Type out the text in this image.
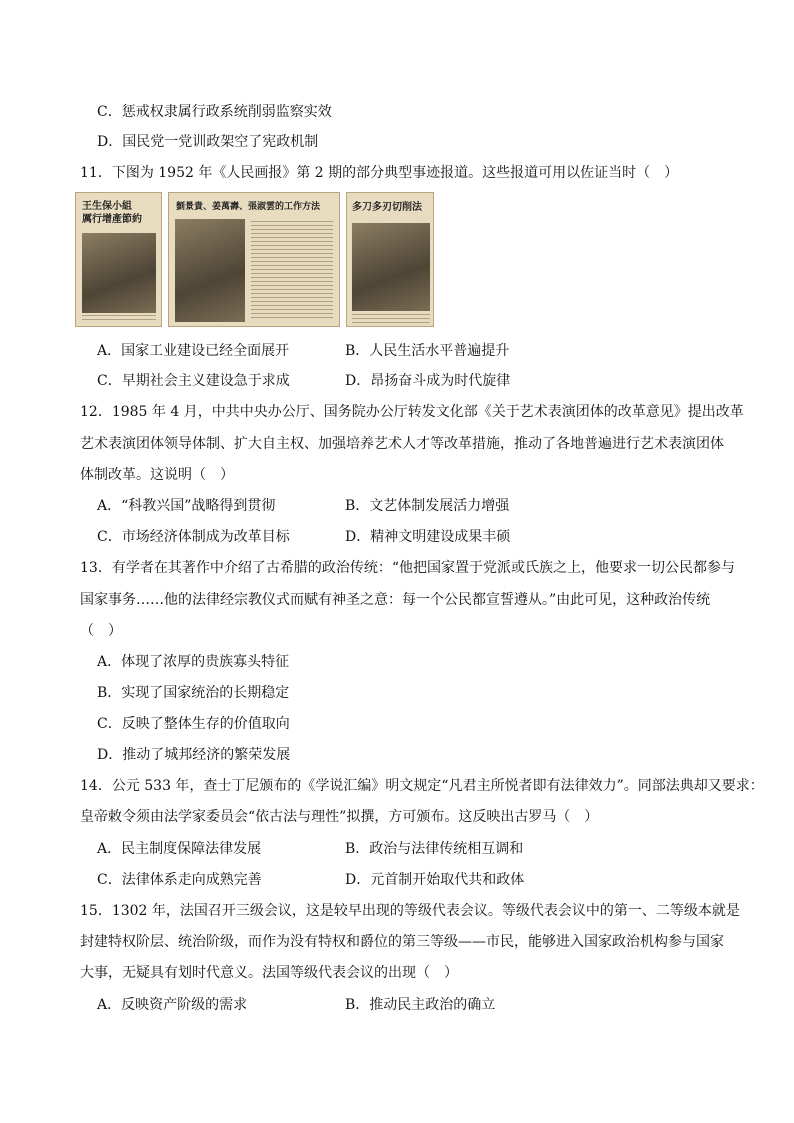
C．惩戒权隶属行政系统削弱监察实效
D．国民党一党训政架空了宪政机制
11．下图为 1952 年《人民画报》第 2 期的部分典型事迹报道。这些报道可用以佐证当时（　）
王生保小組
厲行增產節約
劉景貴、姜萬壽、張淑雲的工作方法	多刀多刃切削法
A．国家工业建设已经全面展开	B．人民生活水平普遍提升
C．早期社会主义建设急于求成	D．昂扬奋斗成为时代旋律
12．1985 年 4 月，中共中央办公厅、国务院办公厅转发文化部《关于艺术表演团体的改革意见》提出改革
艺术表演团体领导体制、扩大自主权、加强培养艺术人才等改革措施，推动了各地普遍进行艺术表演团体
体制改革。这说明（　）
A．“科教兴国”战略得到贯彻	B．文艺体制发展活力增强
C．市场经济体制成为改革目标	D．精神文明建设成果丰硕
13．有学者在其著作中介绍了古希腊的政治传统：“他把国家置于党派或氏族之上，他要求一切公民都参与
国家事务……他的法律经宗教仪式而赋有神圣之意：每一个公民都宣誓遵从。”由此可见，这种政治传统
（　）
A．体现了浓厚的贵族寡头特征
B．实现了国家统治的长期稳定
C．反映了整体生存的价值取向
D．推动了城邦经济的繁荣发展
14．公元 533 年，查士丁尼颁布的《学说汇编》明文规定“凡君主所悦者即有法律效力”。同部法典却又要求：
皇帝敕令须由法学家委员会“依古法与理性”拟撰，方可颁布。这反映出古罗马（　）
A．民主制度保障法律发展	B．政治与法律传统相互调和
C．法律体系走向成熟完善	D．元首制开始取代共和政体
15．1302 年，法国召开三级会议，这是较早出现的等级代表会议。等级代表会议中的第一、二等级本就是
封建特权阶层、统治阶级，而作为没有特权和爵位的第三等级——市民，能够进入国家政治机构参与国家
大事，无疑具有划时代意义。法国等级代表会议的出现（　）
A．反映资产阶级的需求	B．推动民主政治的确立
